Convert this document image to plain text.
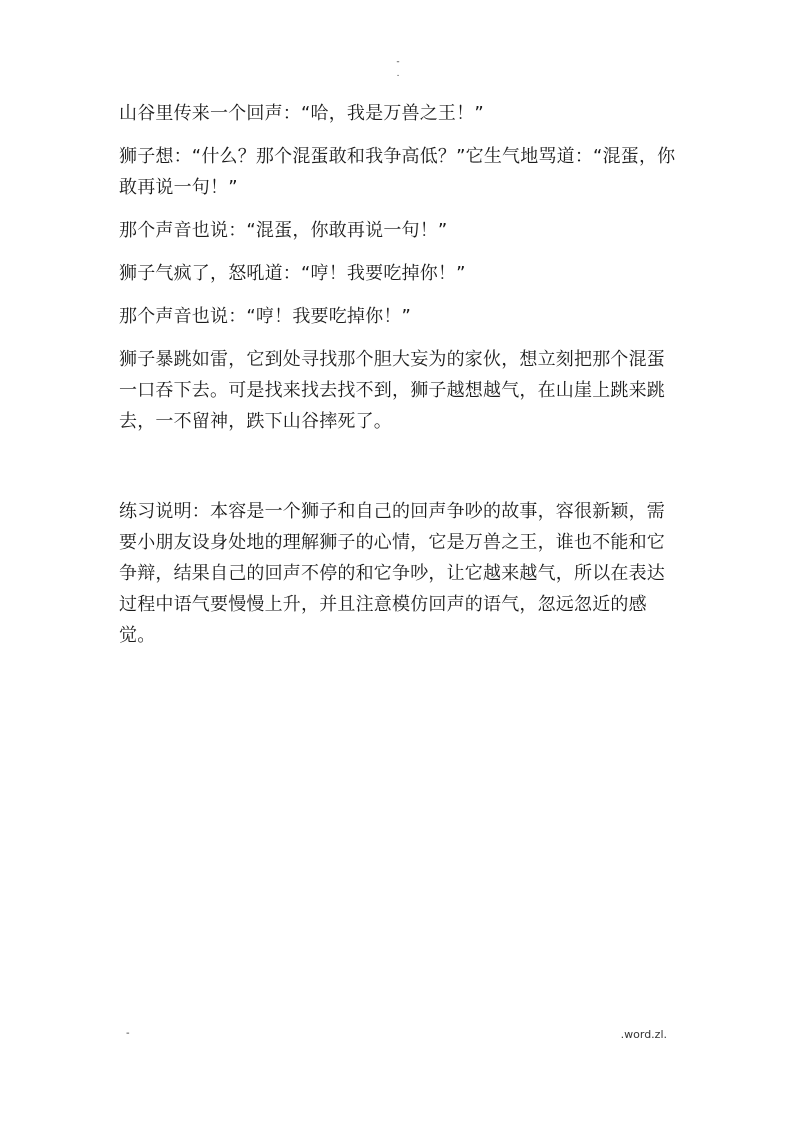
-
.

山谷里传来一个回声：“哈，我是万兽之王！”

狮子想：“什么？那个混蛋敢和我争高低？”它生气地骂道：“混蛋，你敢再说一句！”

那个声音也说：“混蛋，你敢再说一句！”

狮子气疯了，怒吼道：“哼！我要吃掉你！”

那个声音也说：“哼！我要吃掉你！”

狮子暴跳如雷，它到处寻找那个胆大妄为的家伙，想立刻把那个混蛋一口吞下去。可是找来找去找不到，狮子越想越气，在山崖上跳来跳去，一不留神，跌下山谷摔死了。

练习说明：本容是一个狮子和自己的回声争吵的故事，容很新颖，需要小朋友设身处地的理解狮子的心情，它是万兽之王，谁也不能和它争辩，结果自己的回声不停的和它争吵，让它越来越气，所以在表达过程中语气要慢慢上升，并且注意模仿回声的语气，忽远忽近的感觉。

-	.word.zl.
